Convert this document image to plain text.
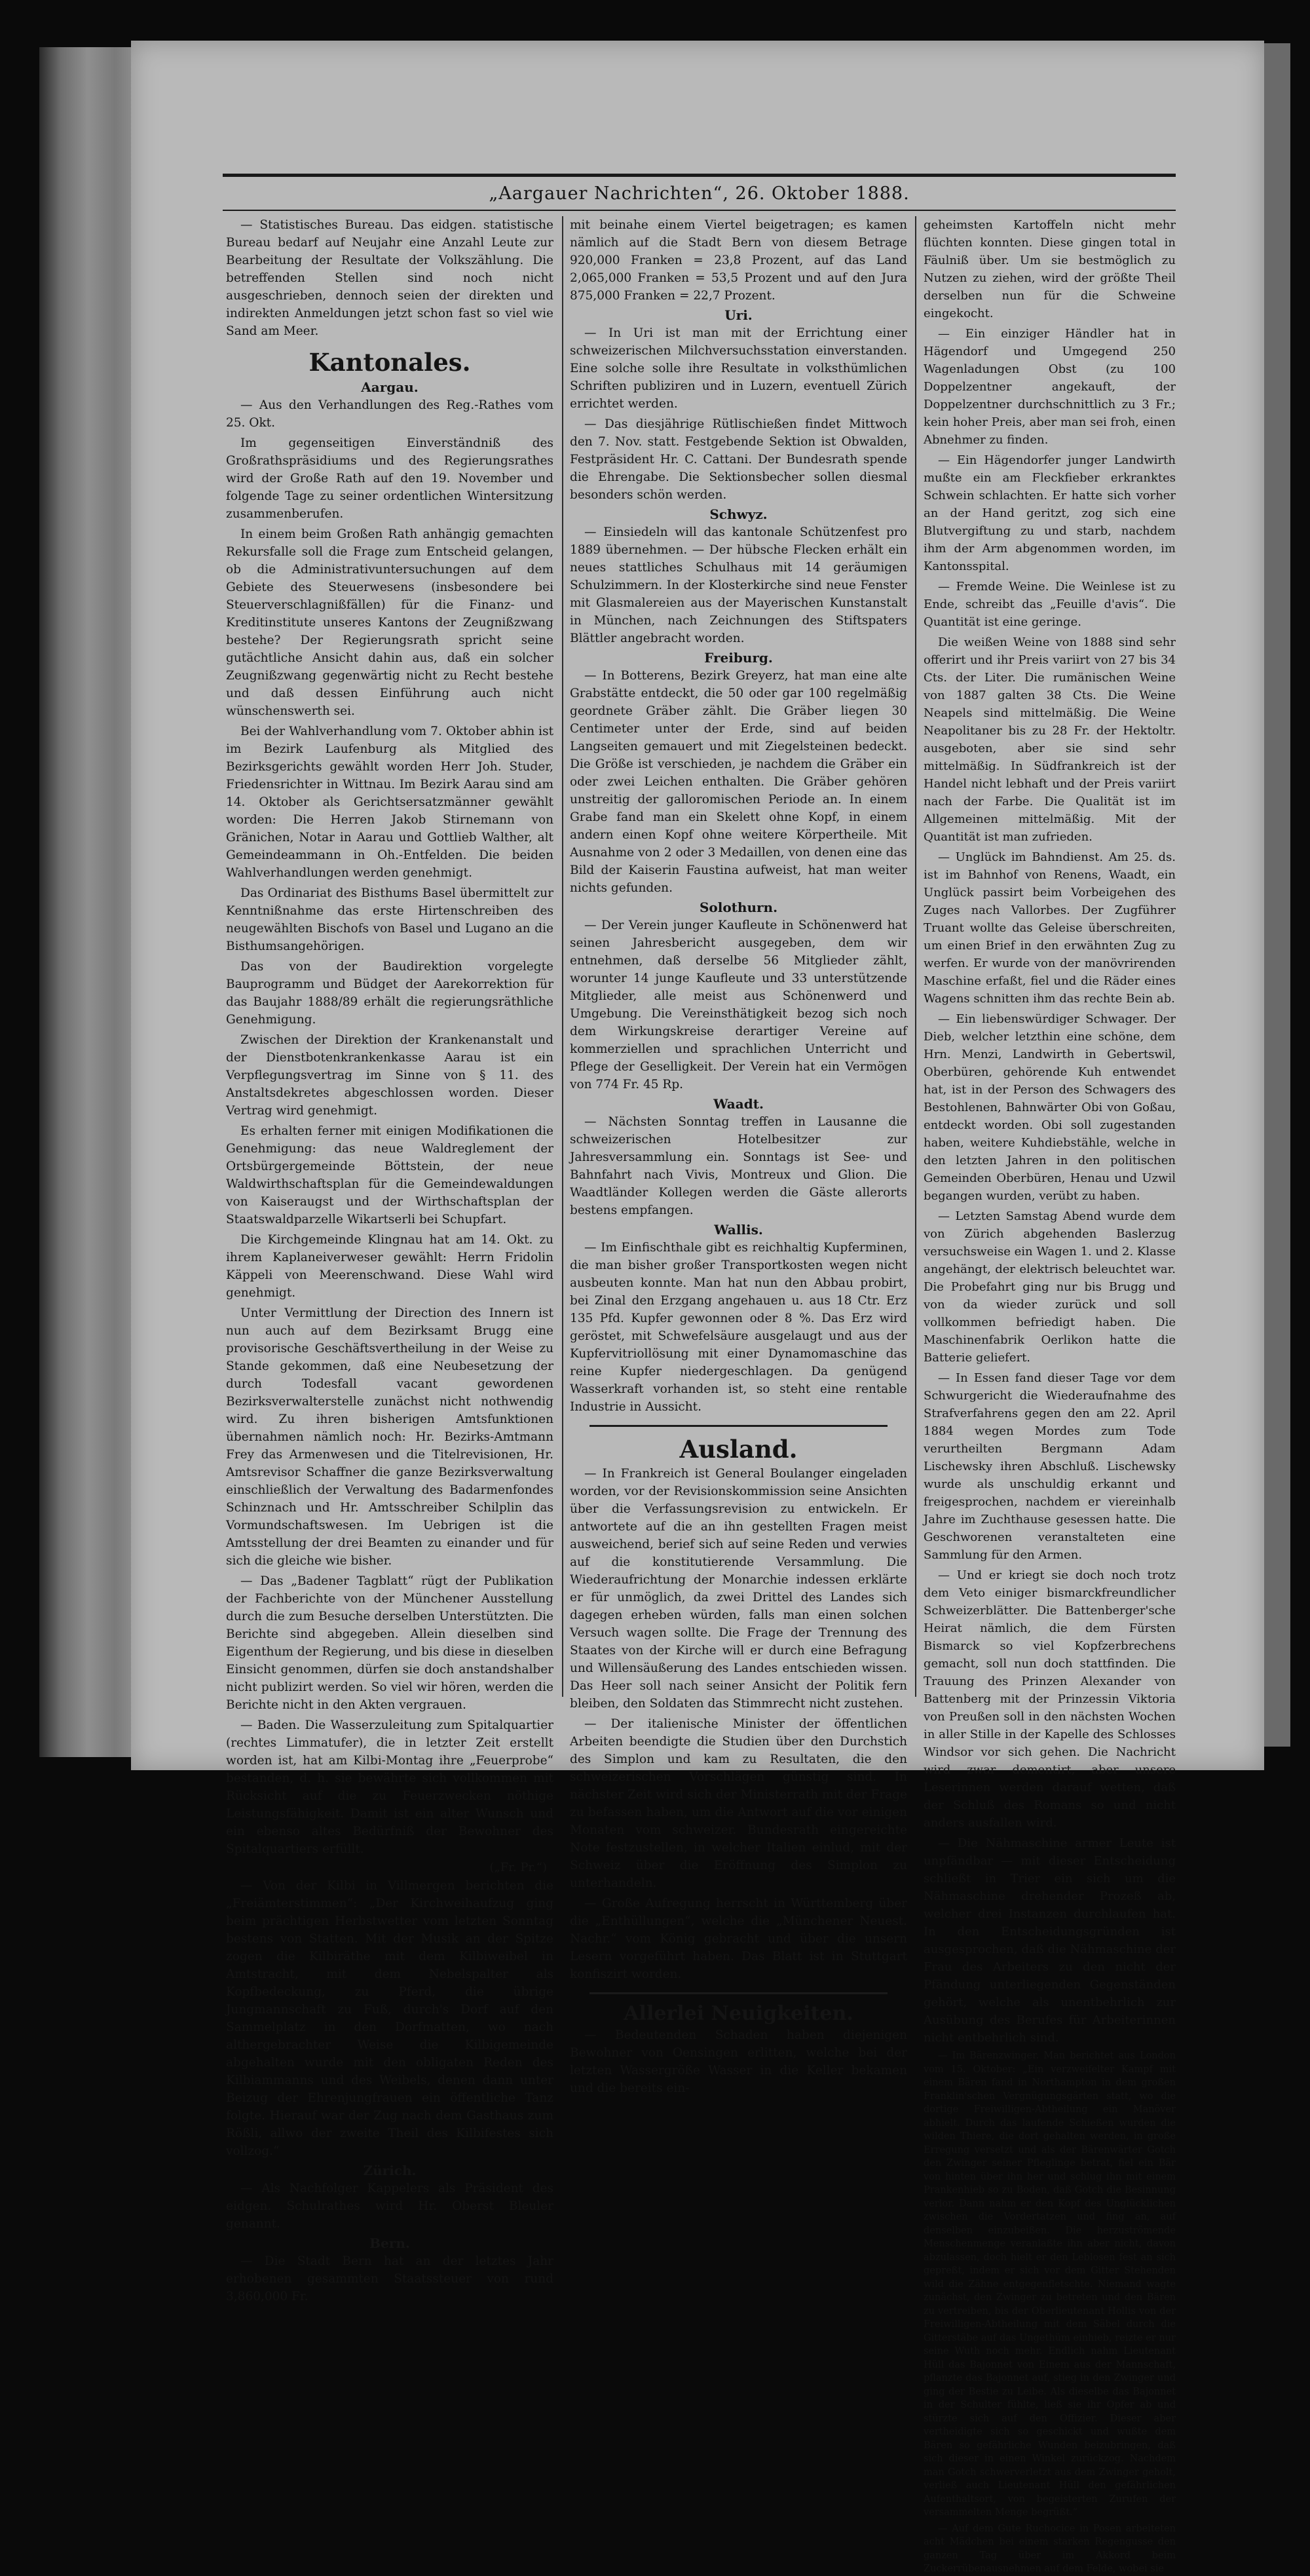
„Aargauer Nachrichten“, 26. Oktober 1888.

— Statistisches Bureau. Das eidgen. statistische Bureau bedarf auf Neujahr eine Anzahl Leute zur Bearbeitung der Resultate der Volkszählung. Die betreffenden Stellen sind noch nicht ausgeschrieben, dennoch seien der direkten und indirekten Anmeldungen jetzt schon fast so viel wie Sand am Meer.

Kantonales.
Aargau.

— Aus den Verhandlungen des Reg.-Rathes vom 25. Okt.

Im gegenseitigen Einverständniß des Großrathspräsidiums und des Regierungsrathes wird der Große Rath auf den 19. November und folgende Tage zu seiner ordentlichen Wintersitzung zusammenberufen.

In einem beim Großen Rath anhängig gemachten Rekursfalle soll die Frage zum Entscheid gelangen, ob die Administrativuntersuchungen auf dem Gebiete des Steuerwesens (insbesondere bei Steuerverschlagnißfällen) für die Finanz- und Kreditinstitute unseres Kantons der Zeugnißzwang bestehe? Der Regierungsrath spricht seine gutächtliche Ansicht dahin aus, daß ein solcher Zeugnißzwang gegenwärtig nicht zu Recht bestehe und daß dessen Einführung auch nicht wünschenswerth sei.

Bei der Wahlverhandlung vom 7. Oktober abhin ist im Bezirk Laufenburg als Mitglied des Bezirksgerichts gewählt worden Herr Joh. Studer, Friedensrichter in Wittnau. Im Bezirk Aarau sind am 14. Oktober als Gerichtsersatzmänner gewählt worden: Die Herren Jakob Stirnemann von Gränichen, Notar in Aarau und Gottlieb Walther, alt Gemeindeammann in Oh.-Entfelden. Die beiden Wahlverhandlungen werden genehmigt.

Das Ordinariat des Bisthums Basel übermittelt zur Kenntnißnahme das erste Hirtenschreiben des neugewählten Bischofs von Basel und Lugano an die Bisthumsangehörigen.

Das von der Baudirektion vorgelegte Bauprogramm und Büdget der Aarekorrektion für das Baujahr 1888/89 erhält die regierungsräthliche Genehmigung.

Zwischen der Direktion der Krankenanstalt und der Dienstbotenkrankenkasse Aarau ist ein Verpflegungsvertrag im Sinne von § 11. des Anstaltsdekretes abgeschlossen worden. Dieser Vertrag wird genehmigt.

Es erhalten ferner mit einigen Modifikationen die Genehmigung: das neue Waldreglement der Ortsbürgergemeinde Böttstein, der neue Waldwirthschaftsplan für die Gemeindewaldungen von Kaiseraugst und der Wirthschaftsplan der Staatswaldparzelle Wikartserli bei Schupfart.

Die Kirchgemeinde Klingnau hat am 14. Okt. zu ihrem Kaplaneiverweser gewählt: Herrn Fridolin Käppeli von Meerenschwand. Diese Wahl wird genehmigt.

Unter Vermittlung der Direction des Innern ist nun auch auf dem Bezirksamt Brugg eine provisorische Geschäftsvertheilung in der Weise zu Stande gekommen, daß eine Neubesetzung der durch Todesfall vacant gewordenen Bezirksverwalterstelle zunächst nicht nothwendig wird. Zu ihren bisherigen Amtsfunktionen übernahmen nämlich noch: Hr. Bezirks-Amtmann Frey das Armenwesen und die Titelrevisionen, Hr. Amtsrevisor Schaffner die ganze Bezirksverwaltung einschließlich der Verwaltung des Badarmenfondes Schinznach und Hr. Amtsschreiber Schilplin das Vormundschaftswesen. Im Uebrigen ist die Amtsstellung der drei Beamten zu einander und für sich die gleiche wie bisher.

— Das „Badener Tagblatt“ rügt der Publikation der Fachberichte von der Münchener Ausstellung durch die zum Besuche derselben Unterstützten. Die Berichte sind abgegeben. Allein dieselben sind Eigenthum der Regierung, und bis diese in dieselben Einsicht genommen, dürfen sie doch anstandshalber nicht publizirt werden. So viel wir hören, werden die Berichte nicht in den Akten vergrauen.

— Baden. Die Wasserzuleitung zum Spitalquartier (rechtes Limmatufer), die in letzter Zeit erstellt worden ist, hat am Kilbi-Montag ihre „Feuerprobe“ bestanden, d. h. sie bewährte sich vollkommen mit Rücksicht auf die zu Feuerzwecken nöthige Leistungsfähigkeit. Damit ist ein alter Wunsch und ein ebenso altes Bedürfniß der Bewohner des Spitalquartiers erfüllt.

(„Fr. Pr.“)

— Von der Kilbi in Villmergen berichten die „Freiämterstimmen“: „Der Kirchweihaufzug ging beim prächtigen Herbstwetter vom letzten Sonntag bestens von Statten. Mit der Musik an der Spitze zogen die Kilbiräthe mit dem Kilbiweibel in Amtstracht, mit dem Nebelspalter als Kopfbedeckung, zu Pferd, die übrige Jungmannschaft zu Fuß, durch's Dorf auf den Sammelplatz in den Dorfmatten, wo nach althergebrachter Weise die Kilbigemeinde abgehalten wurde mit den obligaten Reden des Kilbiammanns und des Weibels, denen dann unter Beizug der Ehrenjungfrauen ein öffentliche Tanz folgte. Hierauf war der Zug nach dem Gasthaus zum Rößli, allwo der zweite Theil des Kilbifestes sich vollzog.“

Zürich.

— Als Nachfolger Kappelers als Präsident des eidgen. Schulrathes wird Hr. Oberst Bleuler genannt.

Bern.

— Die Stadt Bern hat an der letztes Jahr erhobenen gesammten Staatssteuer von rund 3,860,000 Fr.

mit beinahe einem Viertel beigetragen; es kamen nämlich auf die Stadt Bern von diesem Betrage 920,000 Franken = 23,8 Prozent, auf das Land 2,065,000 Franken = 53,5 Prozent und auf den Jura 875,000 Franken = 22,7 Prozent.

Uri.

— In Uri ist man mit der Errichtung einer schweizerischen Milchversuchsstation einverstanden. Eine solche solle ihre Resultate in volksthümlichen Schriften publiziren und in Luzern, eventuell Zürich errichtet werden.

— Das diesjährige Rütlischießen findet Mittwoch den 7. Nov. statt. Festgebende Sektion ist Obwalden, Festpräsident Hr. C. Cattani. Der Bundesrath spende die Ehrengabe. Die Sektionsbecher sollen diesmal besonders schön werden.

Schwyz.

— Einsiedeln will das kantonale Schützenfest pro 1889 übernehmen. — Der hübsche Flecken erhält ein neues stattliches Schulhaus mit 14 geräumigen Schulzimmern. In der Klosterkirche sind neue Fenster mit Glasmalereien aus der Mayerischen Kunstanstalt in München, nach Zeichnungen des Stiftspaters Blättler angebracht worden.

Freiburg.

— In Botterens, Bezirk Greyerz, hat man eine alte Grabstätte entdeckt, die 50 oder gar 100 regelmäßig geordnete Gräber zählt. Die Gräber liegen 30 Centimeter unter der Erde, sind auf beiden Langseiten gemauert und mit Ziegelsteinen bedeckt. Die Größe ist verschieden, je nachdem die Gräber ein oder zwei Leichen enthalten. Die Gräber gehören unstreitig der galloromischen Periode an. In einem Grabe fand man ein Skelett ohne Kopf, in einem andern einen Kopf ohne weitere Körpertheile. Mit Ausnahme von 2 oder 3 Medaillen, von denen eine das Bild der Kaiserin Faustina aufweist, hat man weiter nichts gefunden.

Solothurn.

— Der Verein junger Kaufleute in Schönenwerd hat seinen Jahresbericht ausgegeben, dem wir entnehmen, daß derselbe 56 Mitglieder zählt, worunter 14 junge Kaufleute und 33 unterstützende Mitglieder, alle meist aus Schönenwerd und Umgebung. Die Vereinsthätigkeit bezog sich noch dem Wirkungskreise derartiger Vereine auf kommerziellen und sprachlichen Unterricht und Pflege der Geselligkeit. Der Verein hat ein Vermögen von 774 Fr. 45 Rp.

Waadt.

— Nächsten Sonntag treffen in Lausanne die schweizerischen Hotelbesitzer zur Jahresversammlung ein. Sonntags ist See- und Bahnfahrt nach Vivis, Montreux und Glion. Die Waadtländer Kollegen werden die Gäste allerorts bestens empfangen.

Wallis.

— Im Einfischthale gibt es reichhaltig Kupferminen, die man bisher großer Transportkosten wegen nicht ausbeuten konnte. Man hat nun den Abbau probirt, bei Zinal den Erzgang angehauen u. aus 18 Ctr. Erz 135 Pfd. Kupfer gewonnen oder 8 %. Das Erz wird geröstet, mit Schwefelsäure ausgelaugt und aus der Kupfervitriollösung mit einer Dynamomaschine das reine Kupfer niedergeschlagen. Da genügend Wasserkraft vorhanden ist, so steht eine rentable Industrie in Aussicht.

Ausland.

— In Frankreich ist General Boulanger eingeladen worden, vor der Revisionskommission seine Ansichten über die Verfassungsrevision zu entwickeln. Er antwortete auf die an ihn gestellten Fragen meist ausweichend, berief sich auf seine Reden und verwies auf die konstitutierende Versammlung. Die Wiederaufrichtung der Monarchie indessen erklärte er für unmöglich, da zwei Drittel des Landes sich dagegen erheben würden, falls man einen solchen Versuch wagen sollte. Die Frage der Trennung des Staates von der Kirche will er durch eine Befragung und Willensäußerung des Landes entschieden wissen. Das Heer soll nach seiner Ansicht der Politik fern bleiben, den Soldaten das Stimmrecht nicht zustehen.

— Der italienische Minister der öffentlichen Arbeiten beendigte die Studien über den Durchstich des Simplon und kam zu Resultaten, die den schweizerischen Vorschlägen günstig sind. In nächster Zeit wird sich der Ministerrath mit der Frage zu befassen haben, um die Antwort auf die vor einigen Monaten vom schweizer. Bundesrath eingereichte Note festzustellen, in welcher Italien einlud, mit der Schweiz über die Eröffnung des Simplon zu unterhandeln.

— Große Aufregung herrscht in Württemberg über die „Enthüllungen“, welche die „Münchener Neuest. Nachr.“ vom König gebracht und über die unsern Lesern vorgeführt haben. Das Blatt ist in Stuttgart konfiszirt worden.

Allerlei Neuigkeiten.

— Bedeutenden Schaden haben diejenigen Bewohner von Oensingen erlitten, welche bei der letzten Wassergröße Wasser in die Keller bekamen und die bereits ein-

geheimsten Kartoffeln nicht mehr flüchten konnten. Diese gingen total in Fäulniß über. Um sie bestmöglich zu Nutzen zu ziehen, wird der größte Theil derselben nun für die Schweine eingekocht.

— Ein einziger Händler hat in Hägendorf und Umgegend 250 Wagenladungen Obst (zu 100 Doppelzentner angekauft, der Doppelzentner durchschnittlich zu 3 Fr.; kein hoher Preis, aber man sei froh, einen Abnehmer zu finden.

— Ein Hägendorfer junger Landwirth mußte ein am Fleckfieber erkranktes Schwein schlachten. Er hatte sich vorher an der Hand geritzt, zog sich eine Blutvergiftung zu und starb, nachdem ihm der Arm abgenommen worden, im Kantonsspital.

— Fremde Weine. Die Weinlese ist zu Ende, schreibt das „Feuille d'avis“. Die Quantität ist eine geringe.

Die weißen Weine von 1888 sind sehr offerirt und ihr Preis variirt von 27 bis 34 Cts. der Liter. Die rumänischen Weine von 1887 galten 38 Cts. Die Weine Neapels sind mittelmäßig. Die Weine Neapolitaner bis zu 28 Fr. der Hektoltr. ausgeboten, aber sie sind sehr mittelmäßig. In Südfrankreich ist der Handel nicht lebhaft und der Preis variirt nach der Farbe. Die Qualität ist im Allgemeinen mittelmäßig. Mit der Quantität ist man zufrieden.

— Unglück im Bahndienst. Am 25. ds. ist im Bahnhof von Renens, Waadt, ein Unglück passirt beim Vorbeigehen des Zuges nach Vallorbes. Der Zugführer Truant wollte das Geleise überschreiten, um einen Brief in den erwähnten Zug zu werfen. Er wurde von der manövrirenden Maschine erfaßt, fiel und die Räder eines Wagens schnitten ihm das rechte Bein ab.

— Ein liebenswürdiger Schwager. Der Dieb, welcher letzthin eine schöne, dem Hrn. Menzi, Landwirth in Gebertswil, Oberbüren, gehörende Kuh entwendet hat, ist in der Person des Schwagers des Bestohlenen, Bahnwärter Obi von Goßau, entdeckt worden. Obi soll zugestanden haben, weitere Kuhdiebstähle, welche in den letzten Jahren in den politischen Gemeinden Oberbüren, Henau und Uzwil begangen wurden, verübt zu haben.

— Letzten Samstag Abend wurde dem von Zürich abgehenden Baslerzug versuchsweise ein Wagen 1. und 2. Klasse angehängt, der elektrisch beleuchtet war. Die Probefahrt ging nur bis Brugg und von da wieder zurück und soll vollkommen befriedigt haben. Die Maschinenfabrik Oerlikon hatte die Batterie geliefert.

— In Essen fand dieser Tage vor dem Schwurgericht die Wiederaufnahme des Strafverfahrens gegen den am 22. April 1884 wegen Mordes zum Tode verurtheilten Bergmann Adam Lischewsky ihren Abschluß. Lischewsky wurde als unschuldig erkannt und freigesprochen, nachdem er viereinhalb Jahre im Zuchthause gesessen hatte. Die Geschworenen veranstalteten eine Sammlung für den Armen.

— Und er kriegt sie doch noch trotz dem Veto einiger bismarckfreundlicher Schweizerblätter. Die Battenberger'sche Heirat nämlich, die dem Fürsten Bismarck so viel Kopfzerbrechens gemacht, soll nun doch stattfinden. Die Trauung des Prinzen Alexander von Battenberg mit der Prinzessin Viktoria von Preußen soll in den nächsten Wochen in aller Stille in der Kapelle des Schlosses Windsor vor sich gehen. Die Nachricht wird zwar dementirt, aber unsere Leserinnen werden darauf wetten, daß der Schluß des Romans so und nicht anders ausfallen wird.

— Die Nähmaschine armer Leute ist unpfändbar — mit dieser Entscheidung schließt in Trier ein sich um die Nähmaschine drehender Prozeß ab, welcher drei Instanzen durchlaufen hat. In den Entscheidungsgründen ist ausgesprochen, daß die Nähmaschine der Frau des Arbeiters zu den nicht der Pfändung unterliegenden Gegenständen gehört, welche als unentbehrlich zur Ausübung des Berufes für Arbeiterinnen nicht entbehrlich sind.

— Im Bärenzwinger. Man berichtet aus London vom 15. Oktober: „Ein verzweifelter Kampf mit einem Bären fand in Northampton in dem großen Franklin'schen Vergnügungsgärten statt, wo die dortige Freiwilligen-Abtheilung ein Manöver abhielt. Durch das laufende Schießen wurden die wilden Thiere, die dort gehalten werden, in große Erregung versetzt und als der Bärenwärter Gotch den Zwinger seiner Pfleglinge betrat, fiel ein Bär von hinten über ihn her und schlug ihn mit einem Prankenhieb so zu Boden, daß Gotch die Besinnung verlor. Dann nahm er den Kopf des Unglücklichen zwischen die Vordertatzen und fing an, auf denselben einzubeißen. Die herzuströmende Menschenmenge veranlaßte ihn aber nicht, davon abzulassen, doch hielt er den Leblosen fest an sich gepreßt, indem er sich vor dem Gitter Stehenden wild die Zähne entgegenfletschte. Niemand wagte zunächst, den Zwinger zu betreten und den Bären zu vertreiben, bis der Oberlieutenant Hollis von der Freiwilligen-Abtheilung mit dem Säbel durch die Gitterstäbe auf das Ungethüm einhieb, reizte er nur seine Wuth noch mehr. Endlich nahm Lieutenant Hüll das Bajonnet von Einem aus der Mannschaft, pflanzte das Bajonnet auf, stieg in den Zwinger und ging der Bestie zu Leibe. Als dieselbe das Bajonnet in der Schulter fühlte, ließ sie ihr Opfer ab und stürzte sich auf den Offizier. Dieser aber vertheidigte sich so geschickt und wußte dem Bären so gefährliche Wunden beizubringen, daß sich dieser in einen Winkel zurückzog. Nachdem man Gotch schwerverletzt aus dem Zwinger geholt, verließ auch Lieutenant Hüll den gefährlichen Aufenthaltsort, von begeisterten Zurufen der versammelten Menge begrüßt.“

— Auf dem Gute Ruchocice in Posen arbeiteten acht Mädchen bei einem starken Regengusse den ganzen Tag über im Akkord beim Zuckerrübenausnehmen auf dem Felde, wobei sie
